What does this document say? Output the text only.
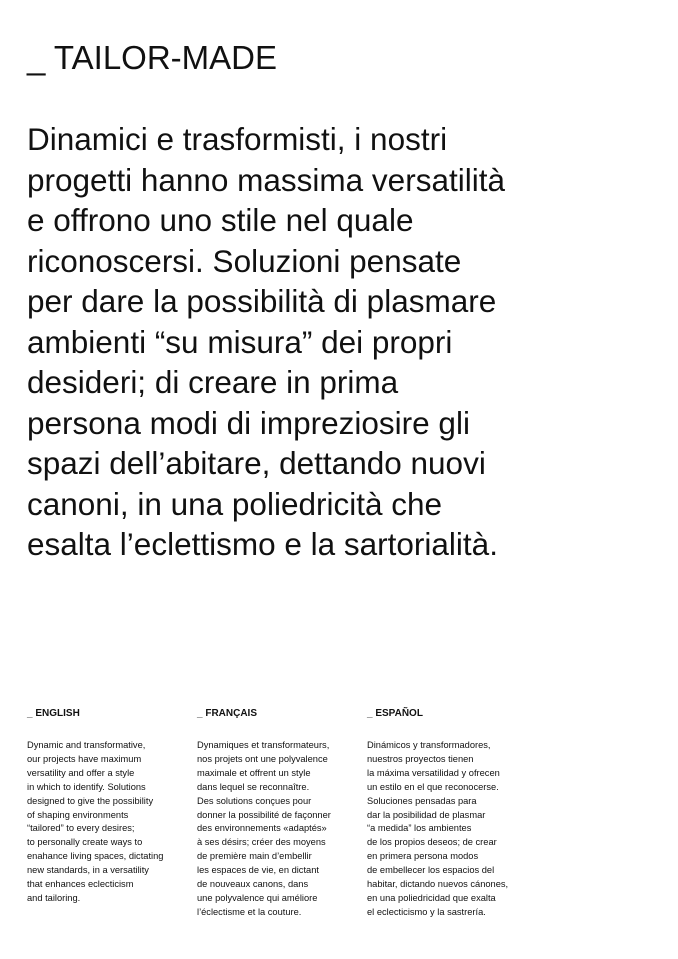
_ TAILOR-MADE
Dinamici e trasformisti, i nostri
progetti hanno massima versatilità
e offrono uno stile nel quale
riconoscersi. Soluzioni pensate
per dare la possibilità di plasmare
ambienti “su misura” dei propri
desideri; di creare in prima
persona modi di impreziosire gli
spazi dell’abitare, dettando nuovi
canoni, in una poliedricità che
esalta l’eclettismo e la sartorialità.
_ ENGLISH

Dynamic and transformative,
our projects have maximum
versatility and offer a style
in which to identify. Solutions
designed to give the possibility
of shaping environments
“tailored” to every desires;
to personally create ways to
enahance living spaces, dictating
new standards, in a versatility
that enhances eclecticism
and tailoring.

_ FRANÇAIS

Dynamiques et transformateurs,
nos projets ont une polyvalence
maximale et offrent un style
dans lequel se reconnaître.
Des solutions conçues pour
donner la possibilité de façonner
des environnements «adaptés»
à ses désirs; créer des moyens
de première main d’embellir
les espaces de vie, en dictant
de nouveaux canons, dans
une polyvalence qui améliore
l’éclectisme et la couture.

_ ESPAÑOL

Dinámicos y transformadores,
nuestros proyectos tienen
la máxima versatilidad y ofrecen
un estilo en el que reconocerse.
Soluciones pensadas para
dar la posibilidad de plasmar
“a medida” los ambientes
de los propios deseos; de crear
en primera persona modos
de embellecer los espacios del
habitar, dictando nuevos cánones,
en una poliedricidad que exalta
el eclecticismo y la sastrería.
